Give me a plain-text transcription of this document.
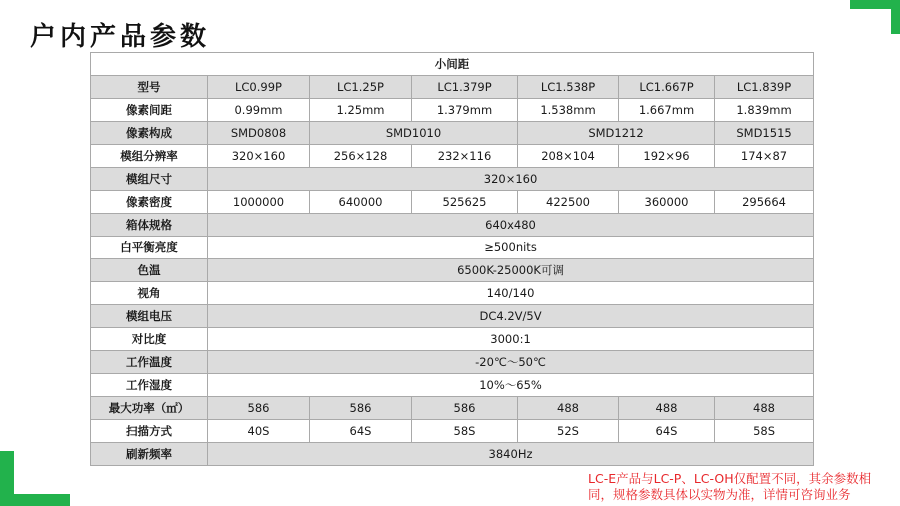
户内产品参数
小间距						
型号	LC0.99P	LC1.25P	LC1.379P	LC1.538P	LC1.667P	LC1.839P
像素间距	0.99mm	1.25mm	1.379mm	1.538mm	1.667mm	1.839mm
像素构成	SMD0808	SMD1010		SMD1212		SMD1515
模组分辨率	320×160	256×128	232×116	208×104	192×96	174×87
模组尺寸	320×160					
像素密度	1000000	640000	525625	422500	360000	295664
箱体规格	640x480					
白平衡亮度	≥500nits					
色温	6500K-25000K可调					
视角	140/140					
模组电压	DC4.2V/5V					
对比度	3000:1					
工作温度	-20℃～50℃					
工作湿度	10%～65%					
最大功率（㎡）	586	586	586	488	488	488
扫描方式	40S	64S	58S	52S	64S	58S
刷新频率	3840Hz					
LC-E产品与LC-P、LC-OH仅配置不同，其余参数相同，规格参数具体以实物为准，详情可咨询业务
